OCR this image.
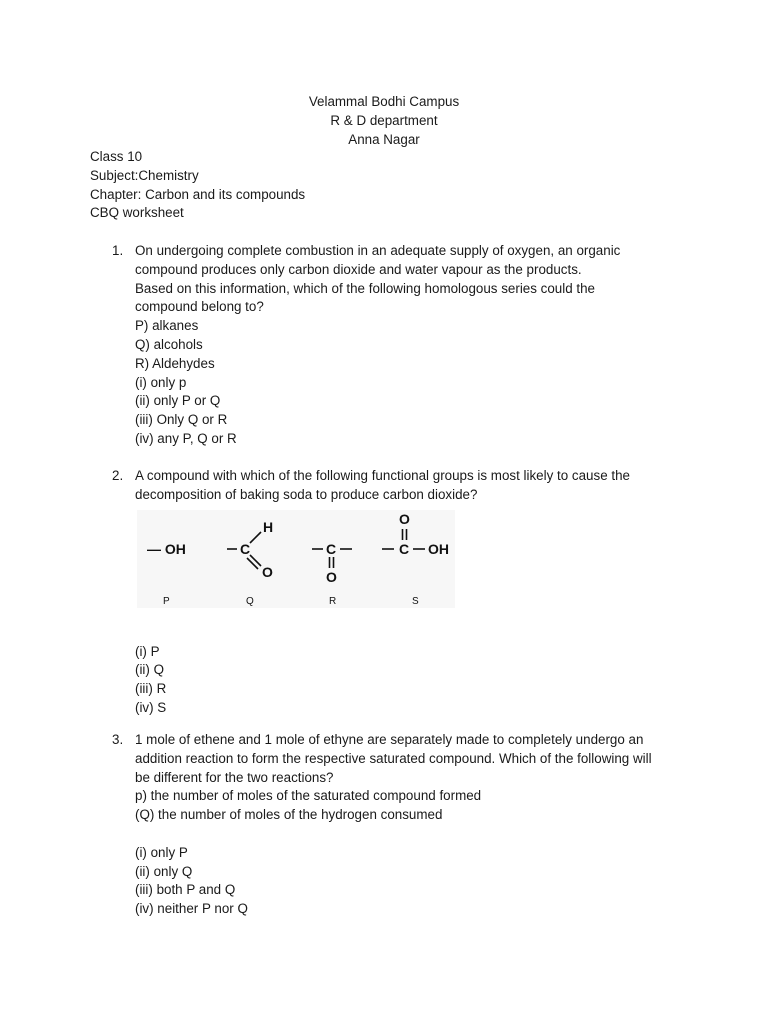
Velammal Bodhi Campus
R & D department
Anna Nagar
Class 10
Subject:Chemistry
Chapter: Carbon and its compounds
CBQ worksheet
1. On undergoing complete combustion in an adequate supply of oxygen, an organic
compound produces only carbon dioxide and water vapour as the products.
Based on this information, which of the following homologous series could the
compound belong to?
P) alkanes
Q) alcohols
R) Aldehydes
(i) only p
(ii) only P or Q
(iii) Only Q or R
(iv) any P, Q or R
2. A compound with which of the following functional groups is most likely to cause the
decomposition of baking soda to produce carbon dioxide?
— OH	C
H
O
C
O
O
C OH
P	Q	R	S
(i) P
(ii) Q
(iii) R
(iv) S
3. 1 mole of ethene and 1 mole of ethyne are separately made to completely undergo an
addition reaction to form the respective saturated compound. Which of the following will
be different for the two reactions?
p) the number of moles of the saturated compound formed
(Q) the number of moles of the hydrogen consumed
(i) only P
(ii) only Q
(iii) both P and Q
(iv) neither P nor Q
